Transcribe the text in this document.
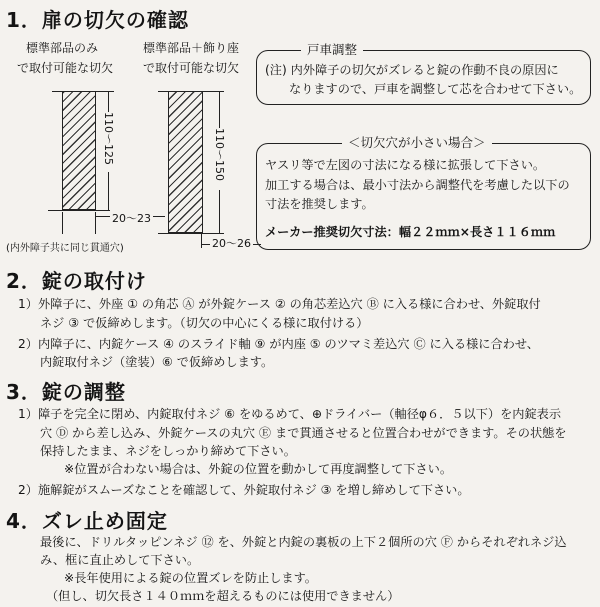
1．扉の切欠の確認
標準部品のみ
で取付可能な切欠
標準部品＋飾り座
で取付可能な切欠
110〜125
20〜23
110〜150
20〜26
(内外障子共に同じ貫通穴)
戸車調整
(注) 内外障子の切欠がズレると錠の作動不良の原因に
なりますので、戸車を調整して芯を合わせて下さい。
＜切欠穴が小さい場合＞
ヤスリ等で左図の寸法になる様に拡張して下さい。
加工する場合は、最小寸法から調整代を考慮した以下の
寸法を推奨します。
メーカー推奨切欠寸法：幅２２ｍｍ×長さ１１６ｍｍ
2．錠の取付け
1）外障子に、外座 ① の角芯 Ⓐ が外錠ケース ② の角芯差込穴 Ⓑ に入る様に合わせ、外錠取付
ネジ ③ で仮締めします。（切欠の中心にくる様に取付ける）
2）内障子に、内錠ケース ④ のスライド軸 ⑨ が内座 ⑤ のツマミ差込穴 Ⓒ に入る様に合わせ、
内錠取付ネジ（塗装）⑥ で仮締めします。
3．錠の調整
1）障子を完全に閉め、内錠取付ネジ ⑥ をゆるめて、⊕ドライバー（軸径φ６．５以下）を内錠表示
穴 Ⓓ から差し込み、外錠ケースの丸穴 Ⓔ まで貫通させると位置合わせができます。その状態を
保持したまま、ネジをしっかり締めて下さい。
※位置が合わない場合は、外錠の位置を動かして再度調整して下さい。
2）施解錠がスムーズなことを確認して、外錠取付ネジ ③ を増し締めして下さい。
4．ズレ止め固定
最後に、ドリルタッピンネジ ⑫ を、外錠と内錠の裏板の上下２個所の穴 Ⓕ からそれぞれネジ込
み、框に直止めして下さい。
※長年使用による錠の位置ズレを防止します。
（但し、切欠長さ１４０ｍｍを超えるものには使用できません）
